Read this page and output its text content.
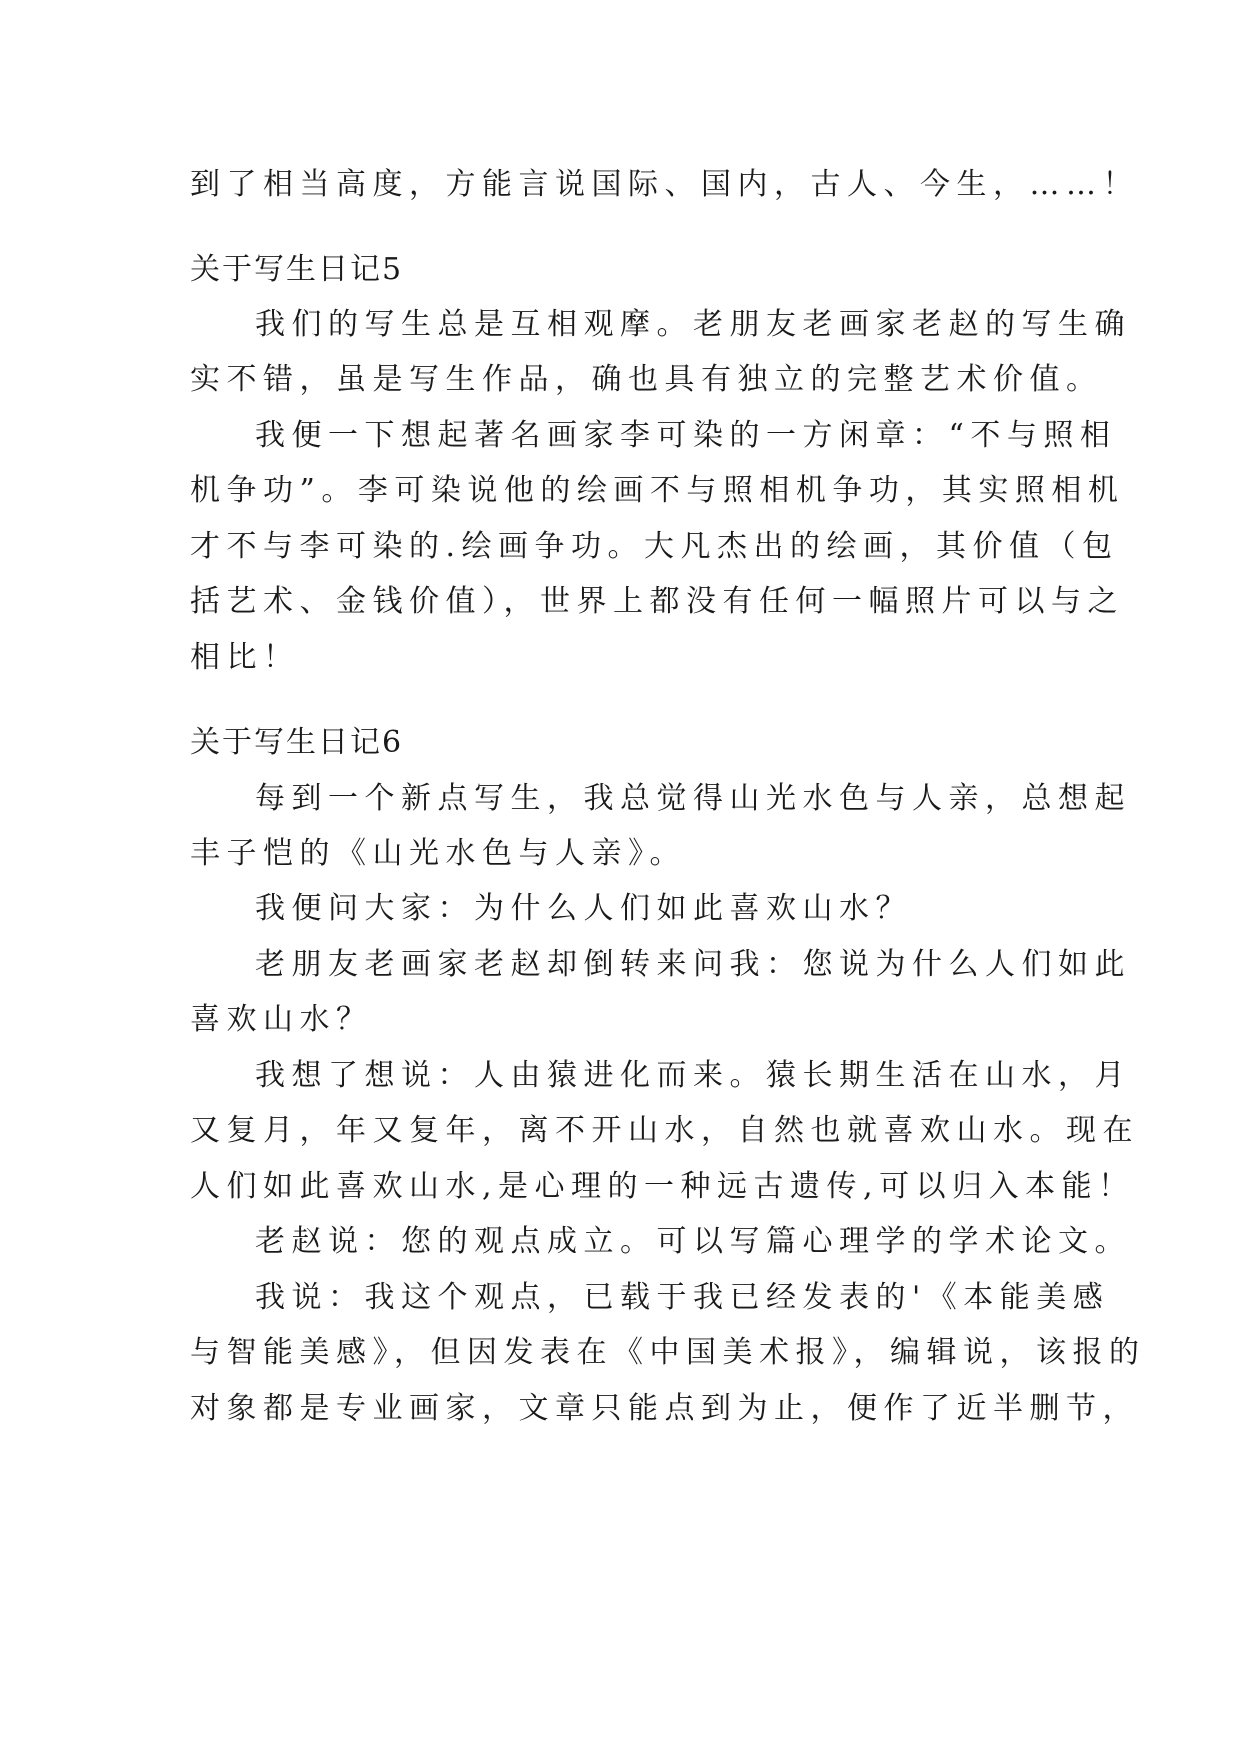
到了相当高度，方能言说国际、国内，古人、今生，……！
关于写生日记5
我们的写生总是互相观摩。老朋友老画家老赵的写生确
实不错，虽是写生作品，确也具有独立的完整艺术价值。
我便一下想起著名画家李可染的一方闲章：“不与照相
机争功”。李可染说他的绘画不与照相机争功，其实照相机
才不与李可染的.绘画争功。大凡杰出的绘画，其价值（包
括艺术、金钱价值），世界上都没有任何一幅照片可以与之
相比！
关于写生日记6
每到一个新点写生，我总觉得山光水色与人亲，总想起
丰子恺的《山光水色与人亲》。
我便问大家：为什么人们如此喜欢山水？
老朋友老画家老赵却倒转来问我：您说为什么人们如此
喜欢山水？
我想了想说：人由猿进化而来。猿长期生活在山水，月
又复月，年又复年，离不开山水，自然也就喜欢山水。现在
人们如此喜欢山水,是心理的一种远古遗传,可以归入本能！
老赵说：您的观点成立。可以写篇心理学的学术论文。
我说：我这个观点，已载于我已经发表的'《本能美感
与智能美感》，但因发表在《中国美术报》，编辑说，该报的
对象都是专业画家，文章只能点到为止，便作了近半删节，
